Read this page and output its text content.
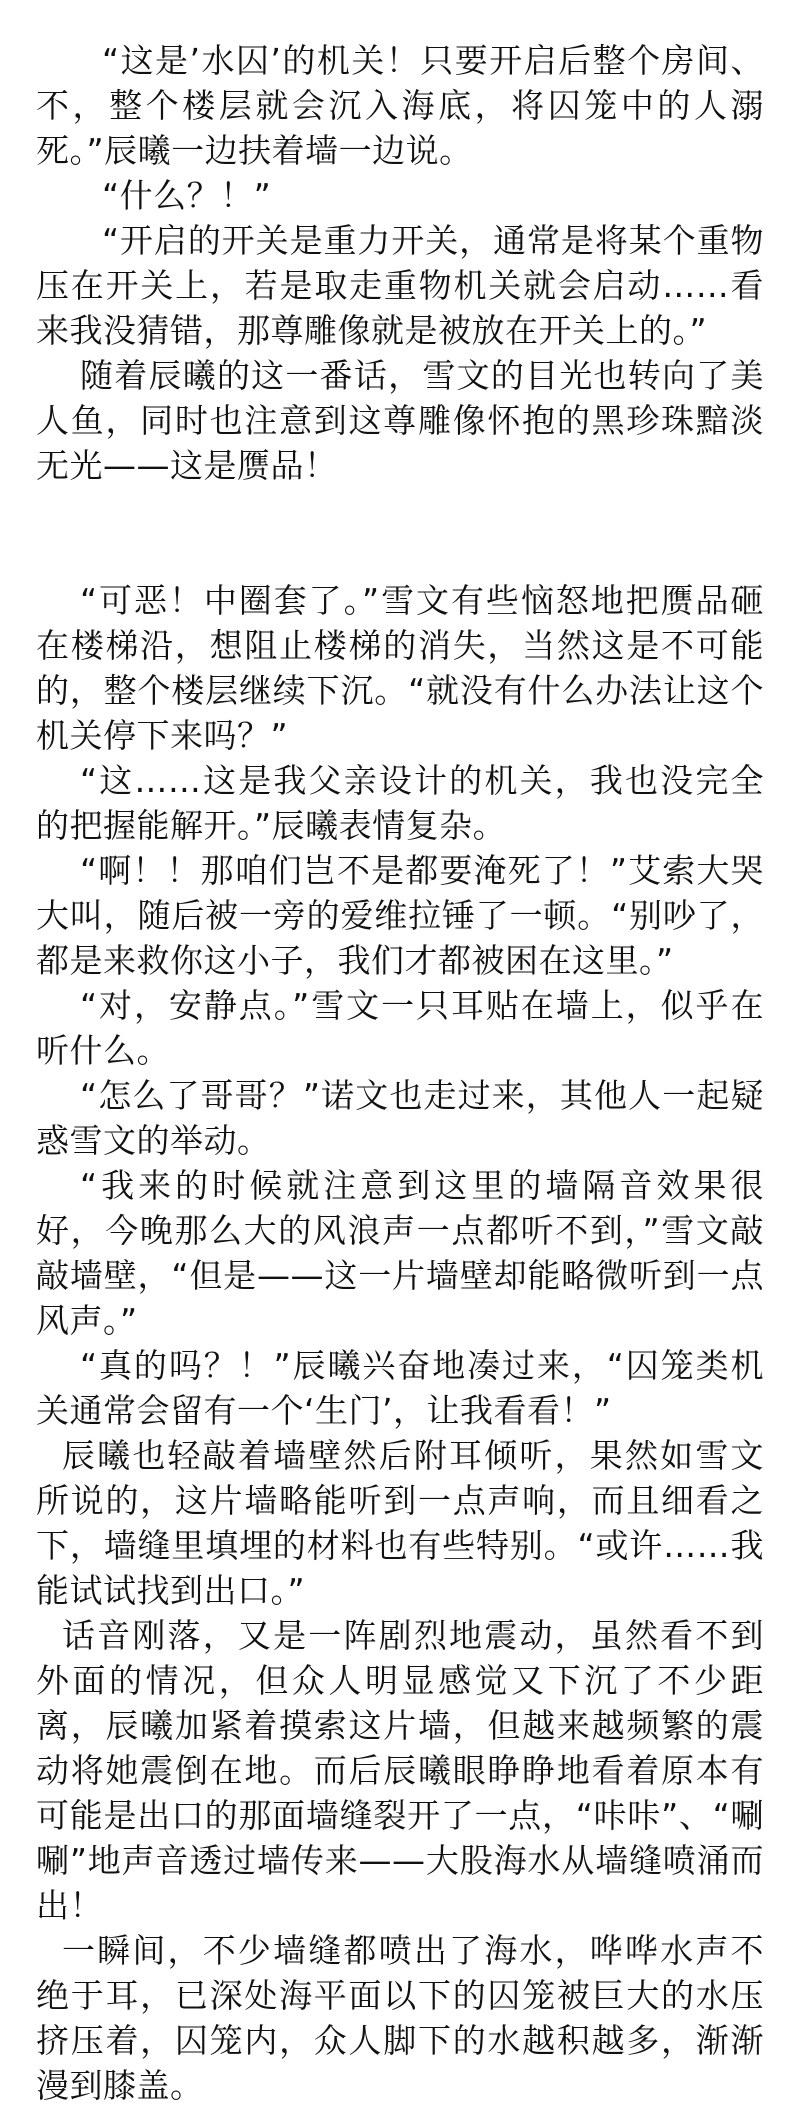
“这是’水囚’的机关！只要开启后整个房间、不，整个楼层就会沉入海底，将囚笼中的人溺死。”辰曦一边扶着墙一边说。

“什么？！”

“开启的开关是重力开关，通常是将某个重物压在开关上，若是取走重物机关就会启动……看来我没猜错，那尊雕像就是被放在开关上的。”

随着辰曦的这一番话，雪文的目光也转向了美人鱼，同时也注意到这尊雕像怀抱的黑珍珠黯淡无光——这是赝品！

“可恶！中圈套了。”雪文有些恼怒地把赝品砸在楼梯沿，想阻止楼梯的消失，当然这是不可能的，整个楼层继续下沉。“就没有什么办法让这个机关停下来吗？”

“这……这是我父亲设计的机关，我也没完全的把握能解开。”辰曦表情复杂。

“啊！！那咱们岂不是都要淹死了！”艾索大哭大叫，随后被一旁的爱维拉锤了一顿。“别吵了，都是来救你这小子，我们才都被困在这里。”

“对，安静点。”雪文一只耳贴在墙上，似乎在听什么。

“怎么了哥哥？”诺文也走过来，其他人一起疑惑雪文的举动。

“我来的时候就注意到这里的墙隔音效果很好，今晚那么大的风浪声一点都听不到，”雪文敲敲墙壁，“但是——这一片墙壁却能略微听到一点风声。”

“真的吗？！”辰曦兴奋地凑过来，“囚笼类机关通常会留有一个‘生门’，让我看看！”

辰曦也轻敲着墙壁然后附耳倾听，果然如雪文所说的，这片墙略能听到一点声响，而且细看之下，墙缝里填埋的材料也有些特别。“或许……我能试试找到出口。”

话音刚落，又是一阵剧烈地震动，虽然看不到外面的情况，但众人明显感觉又下沉了不少距离，辰曦加紧着摸索这片墙，但越来越频繁的震动将她震倒在地。而后辰曦眼睁睁地看着原本有可能是出口的那面墙缝裂开了一点，“咔咔”、“唰唰”地声音透过墙传来——大股海水从墙缝喷涌而出！

一瞬间，不少墙缝都喷出了海水，哗哗水声不绝于耳，已深处海平面以下的囚笼被巨大的水压挤压着，囚笼内，众人脚下的水越积越多，渐渐漫到膝盖。
